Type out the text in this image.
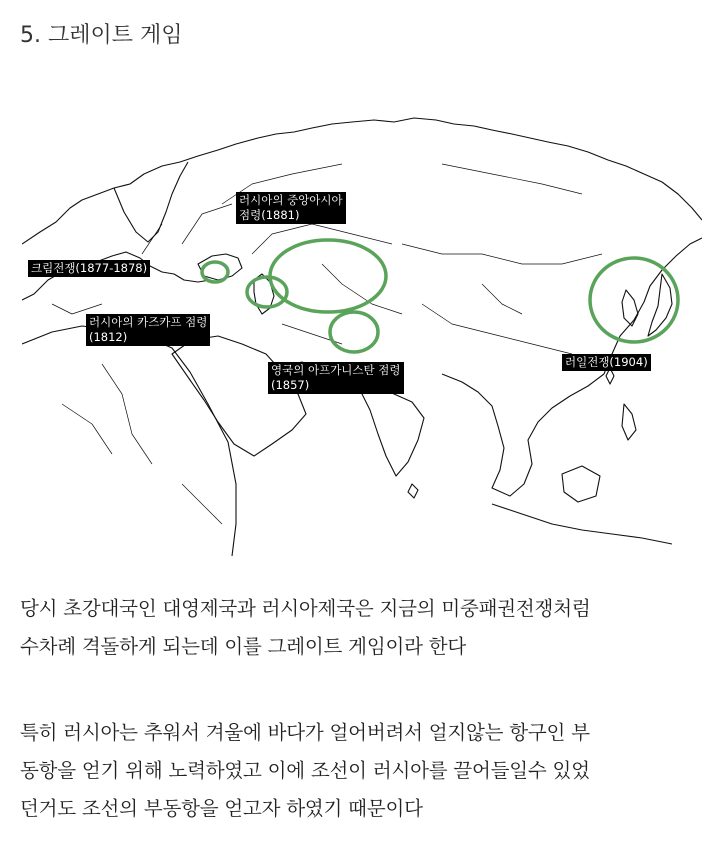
5. 그레이트 게임
러시아의 중앙아시아
점령(1881)
크림전쟁(1877-1878)
러시아의 카즈카프 점령
(1812)
영국의 아프가니스탄 점령
(1857)
러일전쟁(1904)
당시 초강대국인 대영제국과 러시아제국은 지금의 미중패권전쟁처럼
수차례 격돌하게 되는데 이를 그레이트 게임이라 한다
특히 러시아는 추워서 겨울에 바다가 얼어버려서 얼지않는 항구인 부
동항을 얻기 위해 노력하였고 이에 조선이 러시아를 끌어들일수 있었
던거도 조선의 부동항을 얻고자 하였기 때문이다
